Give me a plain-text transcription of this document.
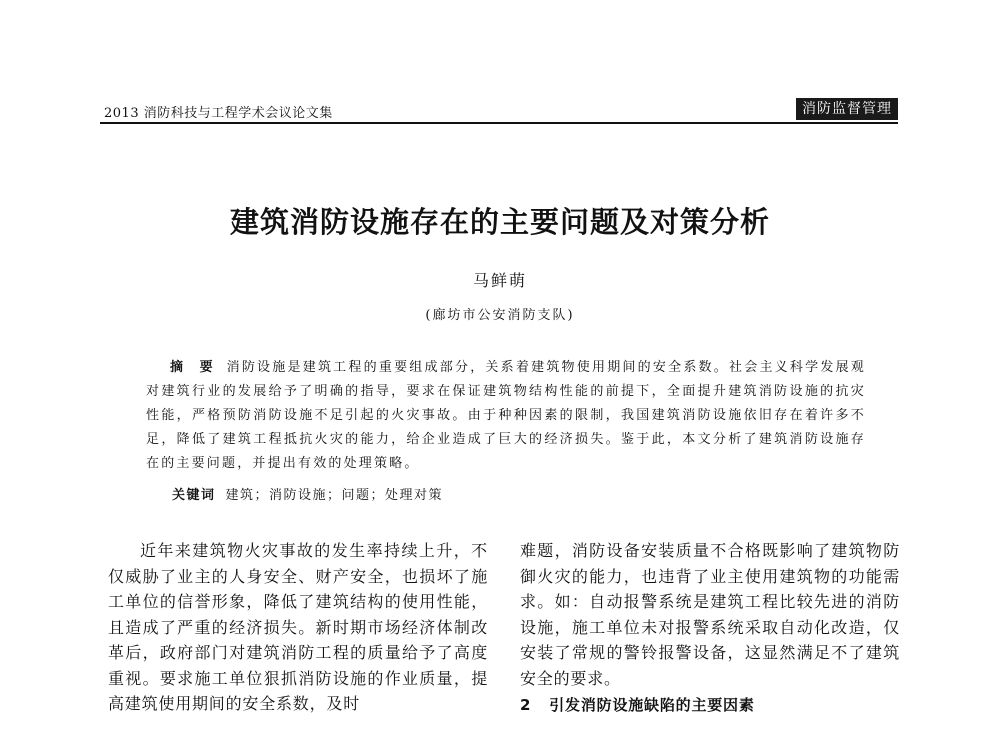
2013 消防科技与工程学术会议论文集	消防监督管理
建筑消防设施存在的主要问题及对策分析
马鲜萌
(廊坊市公安消防支队)
摘 要 消防设施是建筑工程的重要组成部分，关系着建筑物使用期间的安全系数。社会主义科学发展观对建筑行业的发展给予了明确的指导，要求在保证建筑物结构性能的前提下，全面提升建筑消防设施的抗灾性能，严格预防消防设施不足引起的火灾事故。由于种种因素的限制，我国建筑消防设施依旧存在着许多不足，降低了建筑工程抵抗火灾的能力，给企业造成了巨大的经济损失。鉴于此，本文分析了建筑消防设施存在的主要问题，并提出有效的处理策略。
关键词 建筑；消防设施；问题；处理对策

近年来建筑物火灾事故的发生率持续上升，不仅威胁了业主的人身安全、财产安全，也损坏了施工单位的信誉形象，降低了建筑结构的使用性能，且造成了严重的经济损失。新时期市场经济体制改革后，政府部门对建筑消防工程的质量给予了高度重视。要求施工单位狠抓消防设施的作业质量，提高建筑使用期间的安全系数，及时

难题，消防设备安装质量不合格既影响了建筑物防御火灾的能力，也违背了业主使用建筑物的功能需求。如：自动报警系统是建筑工程比较先进的消防设施，施工单位未对报警系统采取自动化改造，仅安装了常规的警铃报警设备，这显然满足不了建筑安全的要求。

2 引发消防设施缺陷的主要因素
